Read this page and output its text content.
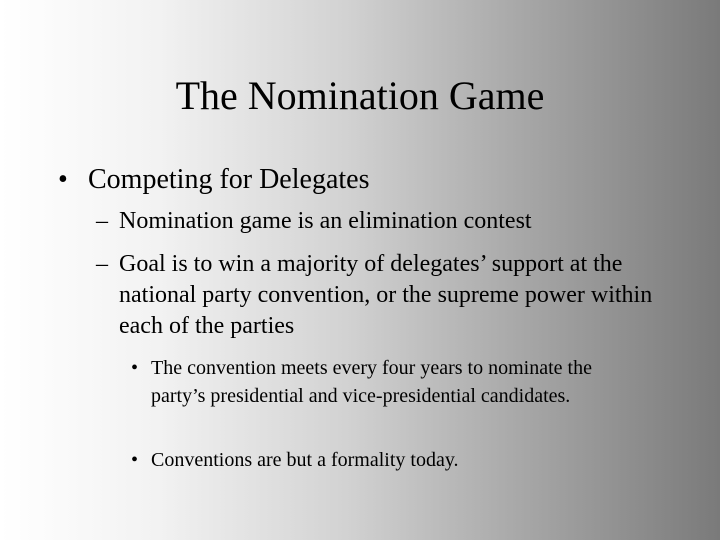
The Nomination Game
• Competing for Delegates
– Nomination game is an elimination contest
– Goal is to win a majority of delegates’ support at the national party convention, or the supreme power within each of the parties
• The convention meets every four years to nominate the party’s presidential and vice-presidential candidates.
• Conventions are but a formality today.
